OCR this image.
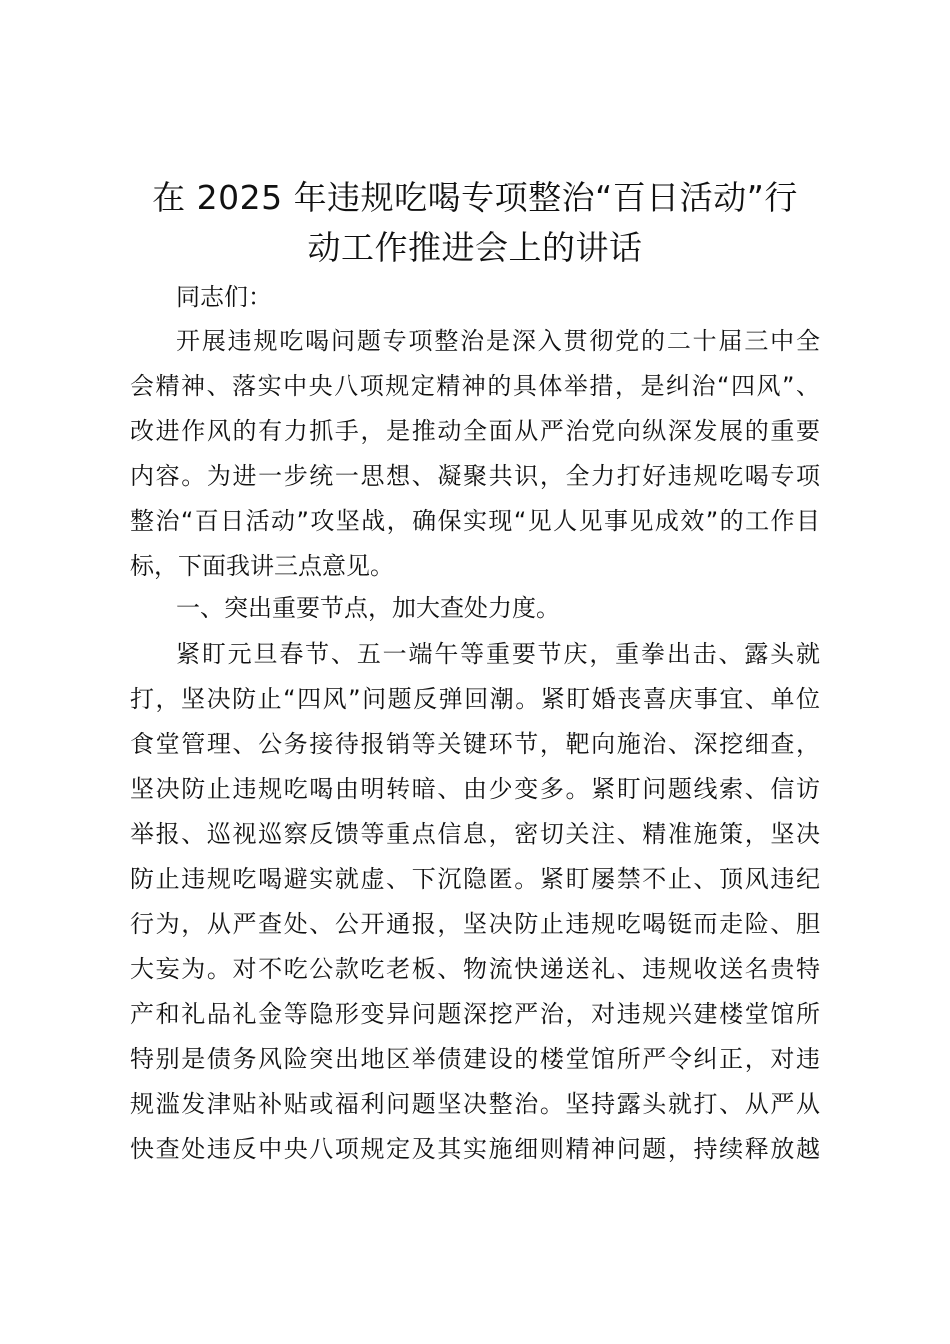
在 2025 年违规吃喝专项整治“百日活动”行
动工作推进会上的讲话

同志们：

开展违规吃喝问题专项整治是深入贯彻党的二十届三中全
会精神、落实中央八项规定精神的具体举措，是纠治“四风”、
改进作风的有力抓手，是推动全面从严治党向纵深发展的重要
内容。为进一步统一思想、凝聚共识，全力打好违规吃喝专项
整治“百日活动”攻坚战，确保实现“见人见事见成效”的工作目
标，下面我讲三点意见。

一、突出重要节点，加大查处力度。

紧盯元旦春节、五一端午等重要节庆，重拳出击、露头就
打，坚决防止“四风”问题反弹回潮。紧盯婚丧喜庆事宜、单位
食堂管理、公务接待报销等关键环节，靶向施治、深挖细查，
坚决防止违规吃喝由明转暗、由少变多。紧盯问题线索、信访
举报、巡视巡察反馈等重点信息，密切关注、精准施策，坚决
防止违规吃喝避实就虚、下沉隐匿。紧盯屡禁不止、顶风违纪
行为，从严查处、公开通报，坚决防止违规吃喝铤而走险、胆
大妄为。对不吃公款吃老板、物流快递送礼、违规收送名贵特
产和礼品礼金等隐形变异问题深挖严治，对违规兴建楼堂馆所
特别是债务风险突出地区举债建设的楼堂馆所严令纠正，对违
规滥发津贴补贴或福利问题坚决整治。坚持露头就打、从严从
快查处违反中央八项规定及其实施细则精神问题，持续释放越
